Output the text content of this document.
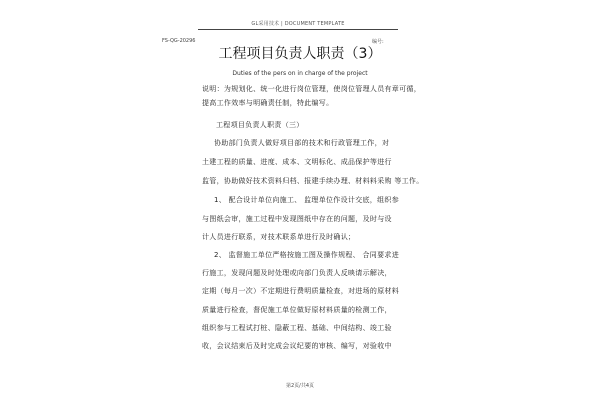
GL采用技术 | DOCUMENT TEMPLATE
FS-QG-20296	编号:
工程项目负责人职责（3）
Duties of the pers on in charge of the project
说明：为规划化、统一化进行岗位管理，使岗位管理人员有章可循，
提高工作效率与明确责任制，特此编写。
工程项目负责人职责（三）
协助部门负责人做好项目部的技术和行政管理工作，对
土建工程的质量、进度、成本、文明标化、成品保护等进行
监管，协助做好技术资料归档、报建手续办理、材料料采购 等工作。
1、 配合设计单位向施工、 监理单位作设计交底，组织参
与图纸会审，施工过程中发现图纸中存在的问题，及时与设
计人员进行联系，对技术联系单进行及时确认；
2、 监督施工单位严格按施工图及操作规程、 合同要求进
行施工，发现问题及时处理或向部门负责人反映请示解决，
定期（每月一次）不定期进行费明质量检查，对进场的原材料
质量进行检查，督促施工单位做好原材料质量的检测工作，
组织参与工程试打桩、隐蔽工程、基础、中间结构、竣工验
收，会议结束后及时完成会议纪要的审核、编写，对验收中
第2页/共4页
